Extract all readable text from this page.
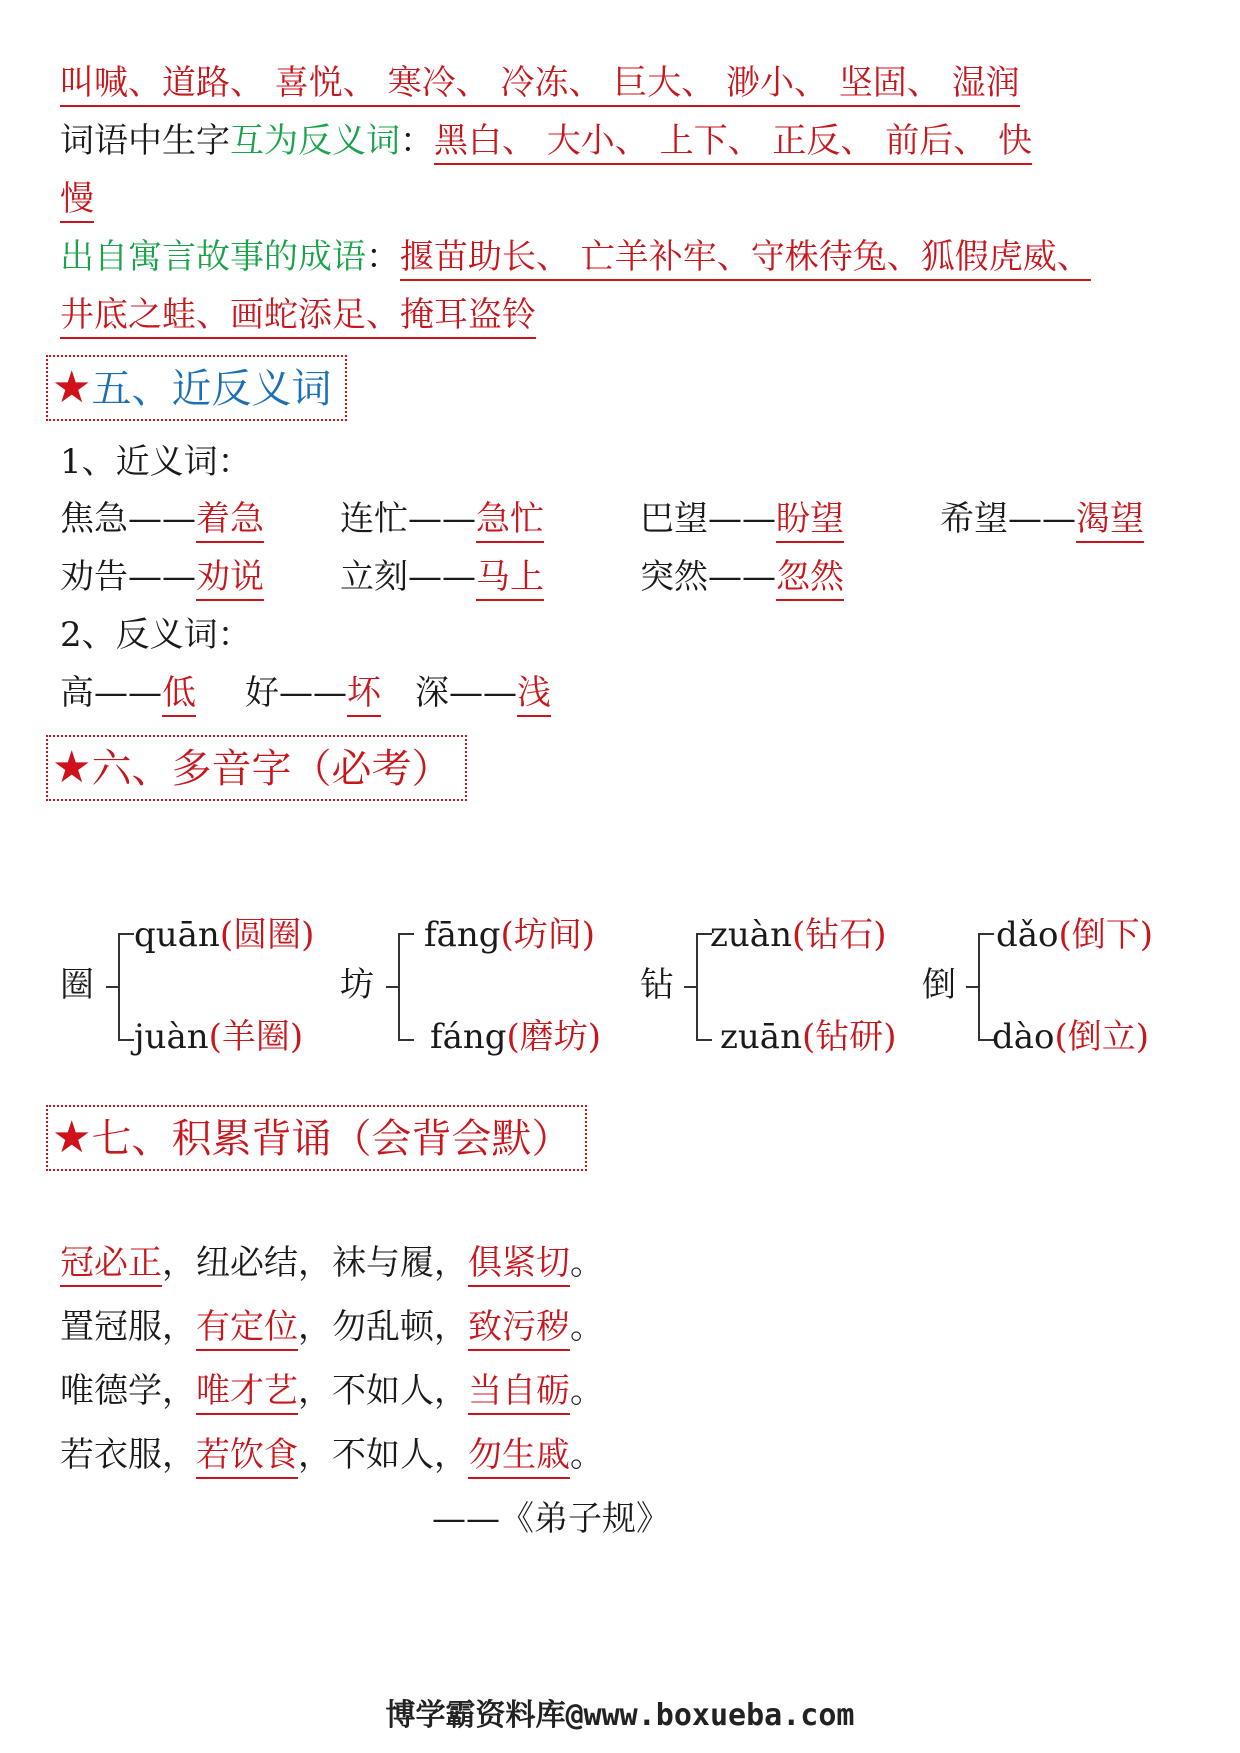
叫喊、道路、 喜悦、 寒冷、 冷冻、 巨大、 渺小、 坚固、 湿润
词语中生字互为反义词：黑白、 大小、 上下、 正反、 前后、 快
慢
出自寓言故事的成语：揠苗助长、 亡羊补牢、守株待兔、狐假虎威、
井底之蛙、画蛇添足、掩耳盗铃
★五、近反义词
1、近义词：
焦急——着急 连忙——急忙	巴望——盼望	希望——渴望
劝告——劝说 立刻——马上	突然——忽然
2、反义词：
高——低 好——坏 深——浅
★六、多音字（必考）
圈
quān(圆圈)
juàn(羊圈)
坊
fāng(坊间)
fáng(磨坊)
钻
zuàn(钻石)
zuān(钻研)
倒
dǎo(倒下)
dào(倒立)
★七、积累背诵（会背会默）
冠必正，纽必结，袜与履，俱紧切。
置冠服，有定位，勿乱顿，致污秽。
唯德学，唯才艺，不如人，当自砺。
若衣服，若饮食，不如人，勿生戚。
——《弟子规》
博学霸资料库@www.boxueba.com
